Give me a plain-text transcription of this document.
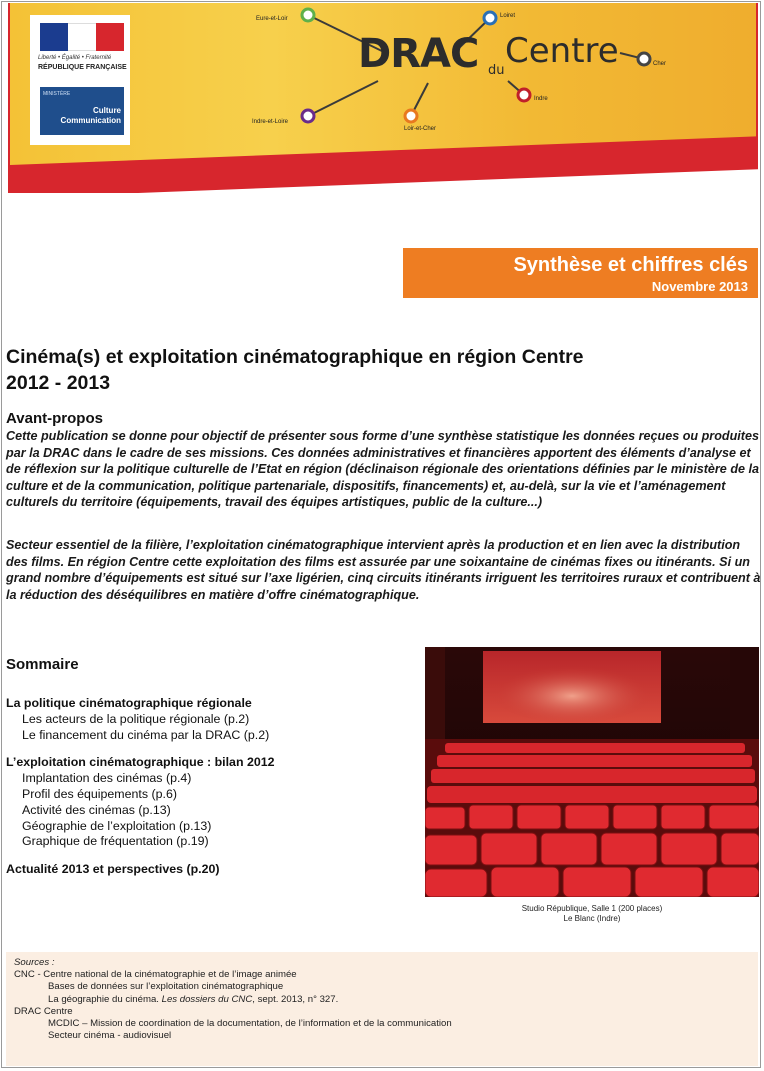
Liberté • Égalité • Fraternité
RÉPUBLIQUE FRANÇAISE
MINISTÈRE
Culture
Communication
Eure-et-Loir	Loiret
Cher
Indre
Loir-et-Cher
Indre-et-Loire
DRAC du Centre
Synthèse et chiffres clés
Novembre 2013
Cinéma(s) et exploitation cinématographique en région Centre
2012 - 2013
Avant-propos

Cette publication se donne pour objectif de présenter sous forme d’une synthèse statistique les données reçues ou produites par la DRAC dans le cadre de ses missions. Ces données administratives et financières apportent des éléments d’analyse et de réflexion sur la politique culturelle de l’Etat en région (déclinaison régionale des orientations définies par le ministère de la culture et de la communication, politique partenariale, dispositifs, financements) et, au-delà, sur la vie et l’aménagement culturels du territoire (équipements, travail des équipes artistiques, public de la culture...)

Secteur essentiel de la filière, l’exploitation cinématographique intervient après la production et en lien avec la distribution des films. En région Centre cette exploitation des films est assurée par une soixantaine de cinémas fixes ou itinérants. Si un grand nombre d’équipements est situé sur l’axe ligérien, cinq circuits itinérants irriguent les territoires ruraux et contribuent à la réduction des déséquilibres en matière d’offre cinématographique.

Sommaire
La politique cinématographique régionale
Les acteurs de la politique régionale (p.2)
Le financement du cinéma par la DRAC (p.2)
L’exploitation cinématographique : bilan 2012
Implantation des cinémas (p.4)
Profil des équipements (p.6)
Activité des cinémas (p.13)
Géographie de l’exploitation (p.13)
Graphique de fréquentation (p.19)
Actualité 2013 et perspectives (p.20)
Studio République, Salle 1 (200 places)
Le Blanc (Indre)
Sources :
CNC - Centre national de la cinématographie et de l’image animée
Bases de données sur l’exploitation cinématographique
La géographie du cinéma. Les dossiers du CNC, sept. 2013, n° 327.
DRAC Centre
MCDIC – Mission de coordination de la documentation, de l’information et de la communication
Secteur cinéma - audiovisuel
